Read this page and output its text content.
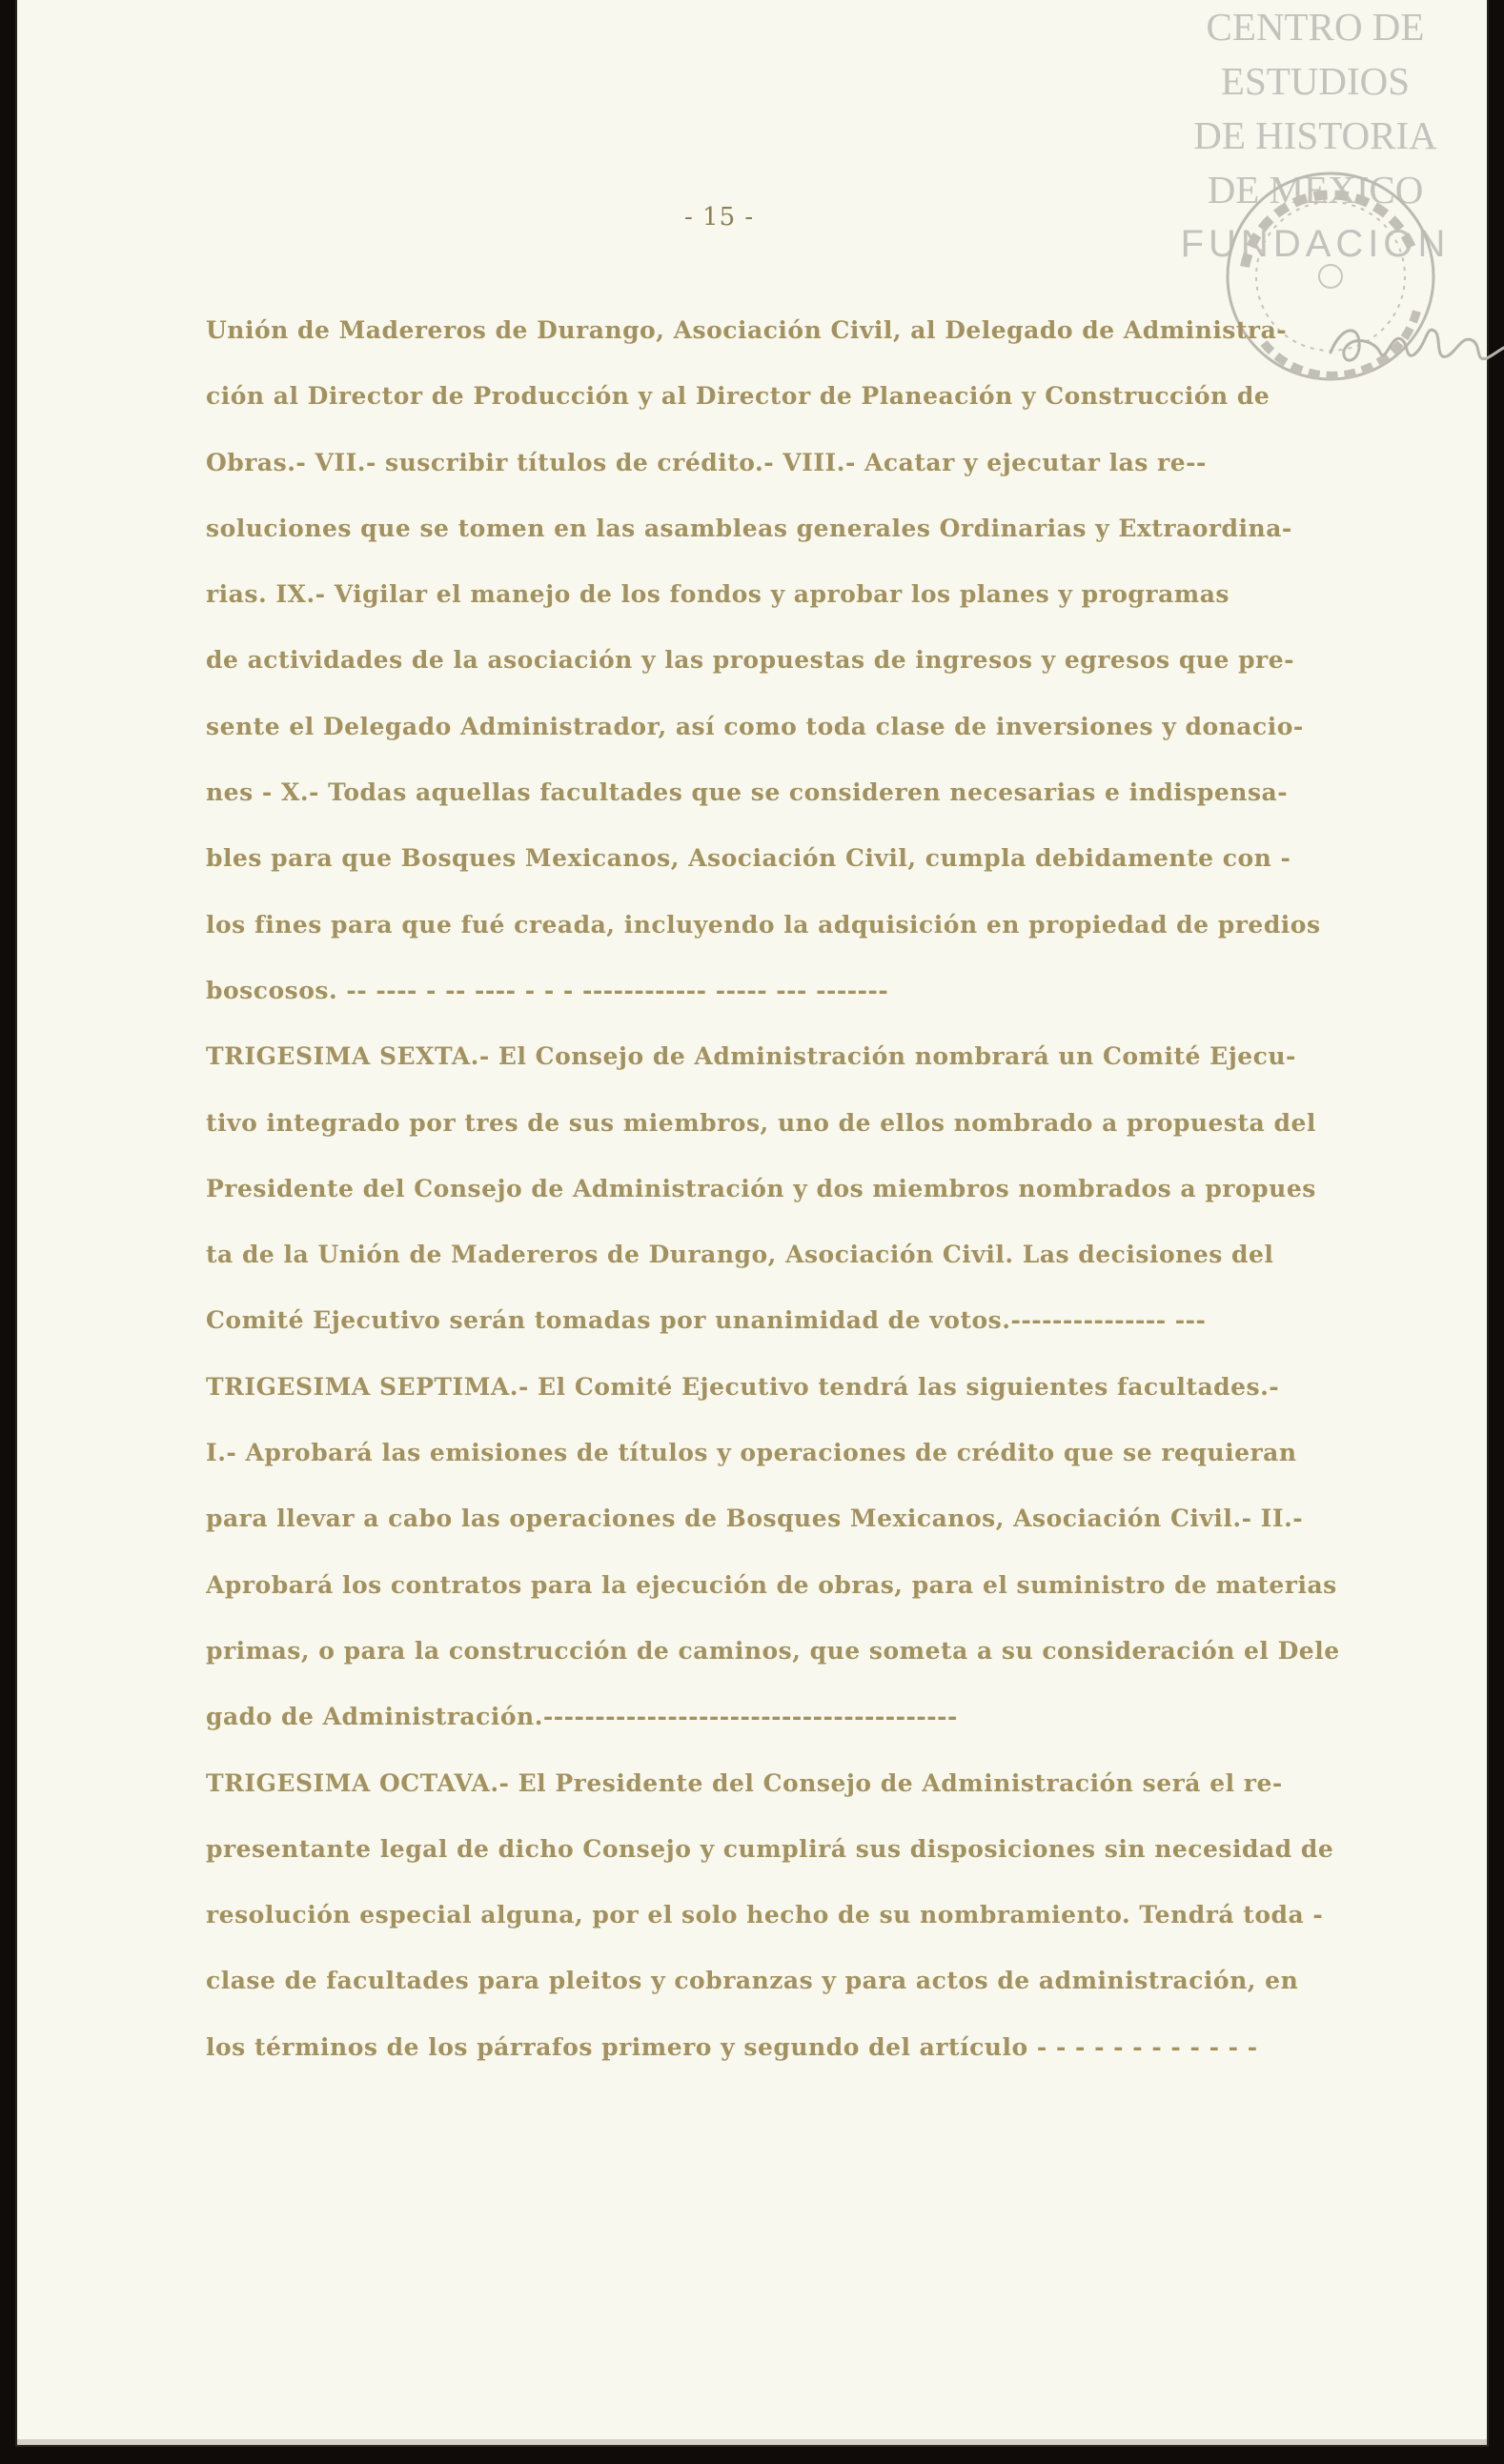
CENTRO DE
ESTUDIOS
DE HISTORIA
DE MEXICO
FUNDACION
- 15 -
Unión de Madereros de Durango, Asociación Civil, al Delegado de Administra-
ción al Director de Producción y al Director de Planeación y Construcción de
Obras.- VII.- suscribir títulos de crédito.- VIII.- Acatar y ejecutar las re--
soluciones que se tomen en las asambleas generales Ordinarias y Extraordina-
rias. IX.- Vigilar el manejo de los fondos y aprobar los planes y programas
de actividades de la asociación y las propuestas de ingresos y egresos que pre-
sente el Delegado Administrador, así como toda clase de inversiones y donacio-
nes - X.- Todas aquellas facultades que se consideren necesarias e indispensa-
bles para que Bosques Mexicanos, Asociación Civil, cumpla debidamente con -
los fines para que fué creada, incluyendo la adquisición en propiedad de predios
boscosos. -- ---- - -- ---- - - - ------------ ----- --- -------
TRIGESIMA SEXTA.- El Consejo de Administración nombrará un Comité Ejecu-
tivo integrado por tres de sus miembros, uno de ellos nombrado a propuesta del
Presidente del Consejo de Administración y dos miembros nombrados a propues
ta de la Unión de Madereros de Durango, Asociación Civil. Las decisiones del
Comité Ejecutivo serán tomadas por unanimidad de votos.--------------- ---
TRIGESIMA SEPTIMA.- El Comité Ejecutivo tendrá las siguientes facultades.-
I.- Aprobará las emisiones de títulos y operaciones de crédito que se requieran
para llevar a cabo las operaciones de Bosques Mexicanos, Asociación Civil.- II.-
Aprobará los contratos para la ejecución de obras, para el suministro de materias
primas, o para la construcción de caminos, que someta a su consideración el Dele
gado de Administración.----------------------------------------
TRIGESIMA OCTAVA.- El Presidente del Consejo de Administración será el re-
presentante legal de dicho Consejo y cumplirá sus disposiciones sin necesidad de
resolución especial alguna, por el solo hecho de su nombramiento. Tendrá toda -
clase de facultades para pleitos y cobranzas y para actos de administración, en
los términos de los párrafos primero y segundo del artículo - - - - - - - - - - - -
